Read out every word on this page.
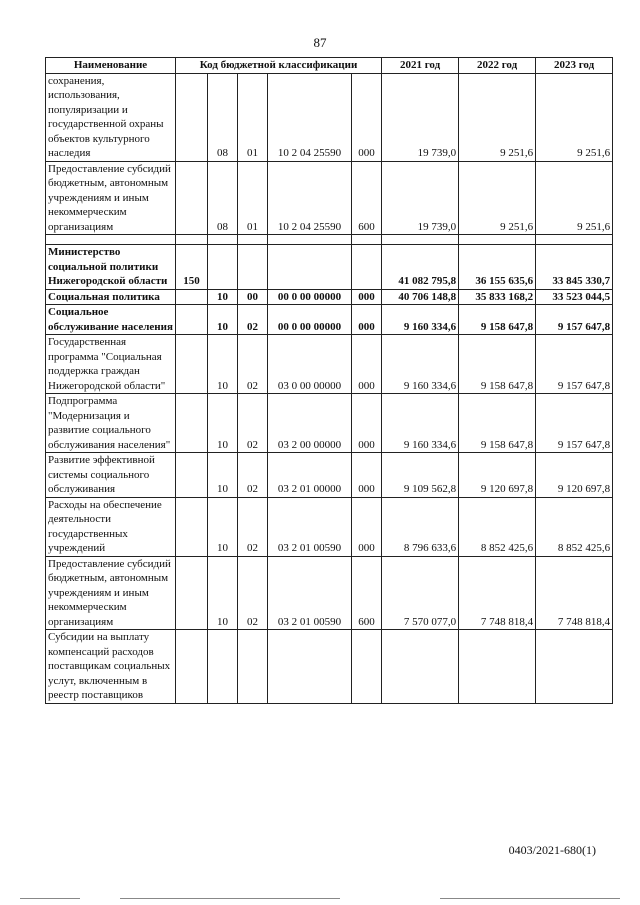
87
Наименование	Код бюджетной классификации					2021 год	2022 год	2023 год
сохранения, использования, популяризации и государственной охраны объектов культурного наследия		08	01	10 2 04 25590	000	19 739,0	9 251,6	9 251,6
Предоставление субсидий бюджетным, автономным учреждениям и иным некоммерческим организациям		08	01	10 2 04 25590	600	19 739,0	9 251,6	9 251,6

Министерство социальной политики Нижегородской области	150					41 082 795,8	36 155 635,6	33 845 330,7
Социальная политика		10	00	00 0 00 00000	000	40 706 148,8	35 833 168,2	33 523 044,5
Социальное обслуживание населения		10	02	00 0 00 00000	000	9 160 334,6	9 158 647,8	9 157 647,8
Государственная программа "Социальная поддержка граждан Нижегородской области"		10	02	03 0 00 00000	000	9 160 334,6	9 158 647,8	9 157 647,8
Подпрограмма "Модернизация и развитие социального обслуживания населения"		10	02	03 2 00 00000	000	9 160 334,6	9 158 647,8	9 157 647,8
Развитие эффективной системы социального обслуживания		10	02	03 2 01 00000	000	9 109 562,8	9 120 697,8	9 120 697,8
Расходы на обеспечение деятельности государственных учреждений		10	02	03 2 01 00590	000	8 796 633,6	8 852 425,6	8 852 425,6
Предоставление субсидий бюджетным, автономным учреждениям и иным некоммерческим организациям		10	02	03 2 01 00590	600	7 570 077,0	7 748 818,4	7 748 818,4
Субсидии на выплату компенсаций расходов поставщикам социальных услут, включенным в реестр поставщиков								
0403/2021-680(1)
